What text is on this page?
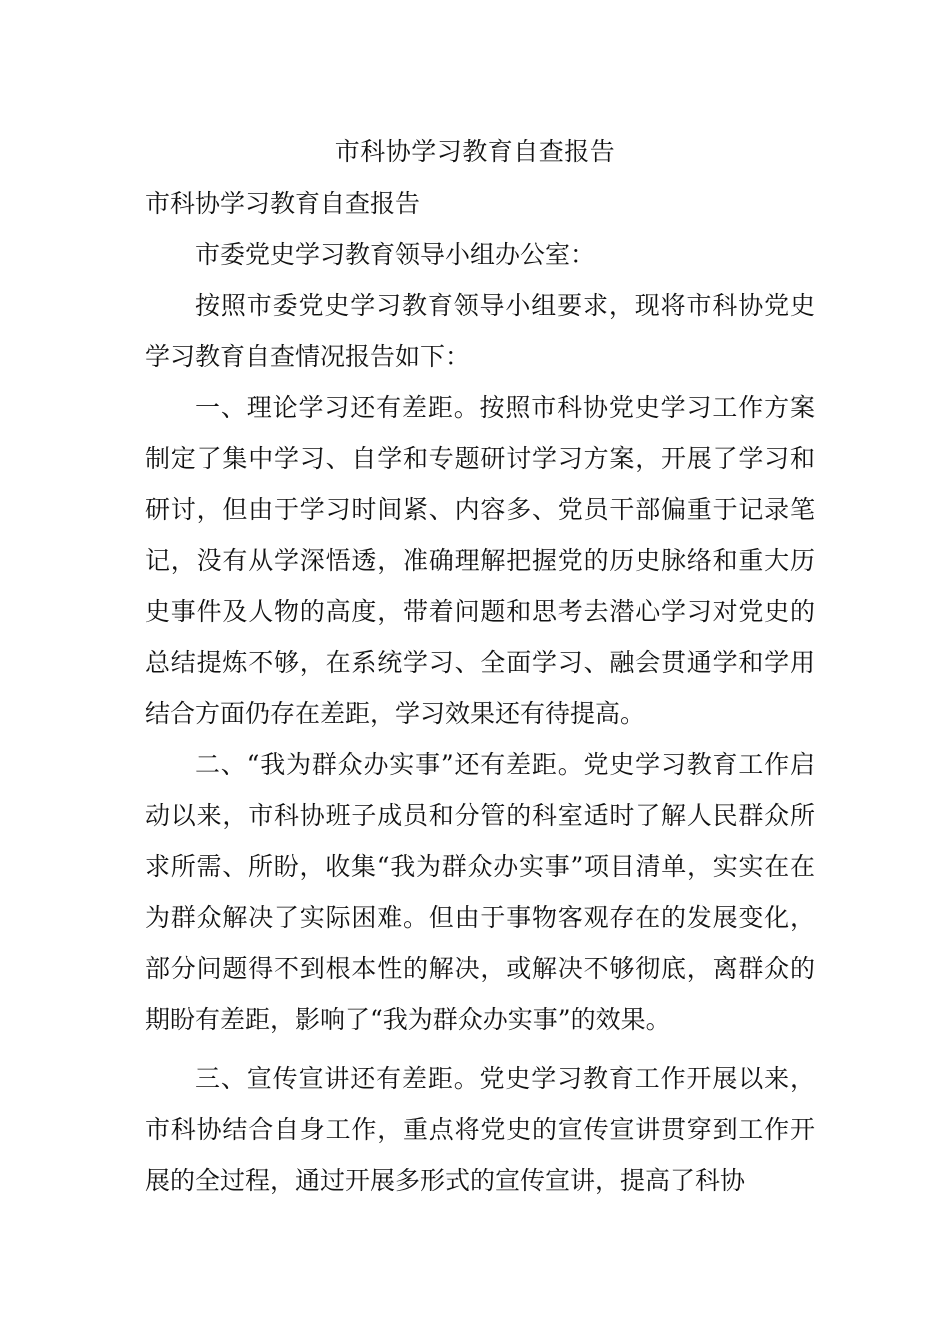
市科协学习教育自查报告

市科协学习教育自查报告

市委党史学习教育领导小组办公室：

按照市委党史学习教育领导小组要求，现将市科协党史学习教育自查情况报告如下：

一、理论学习还有差距。按照市科协党史学习工作方案制定了集中学习、自学和专题研讨学习方案，开展了学习和研讨，但由于学习时间紧、内容多、党员干部偏重于记录笔记，没有从学深悟透，准确理解把握党的历史脉络和重大历史事件及人物的高度，带着问题和思考去潜心学习对党史的总结提炼不够，在系统学习、全面学习、融会贯通学和学用结合方面仍存在差距，学习效果还有待提高。

二、“我为群众办实事”还有差距。党史学习教育工作启动以来，市科协班子成员和分管的科室适时了解人民群众所求所需、所盼，收集“我为群众办实事”项目清单，实实在在为群众解决了实际困难。但由于事物客观存在的发展变化，部分问题得不到根本性的解决，或解决不够彻底，离群众的期盼有差距，影响了“我为群众办实事”的效果。

三、宣传宣讲还有差距。党史学习教育工作开展以来，市科协结合自身工作，重点将党史的宣传宣讲贯穿到工作开展的全过程，通过开展多形式的宣传宣讲，提高了科协
